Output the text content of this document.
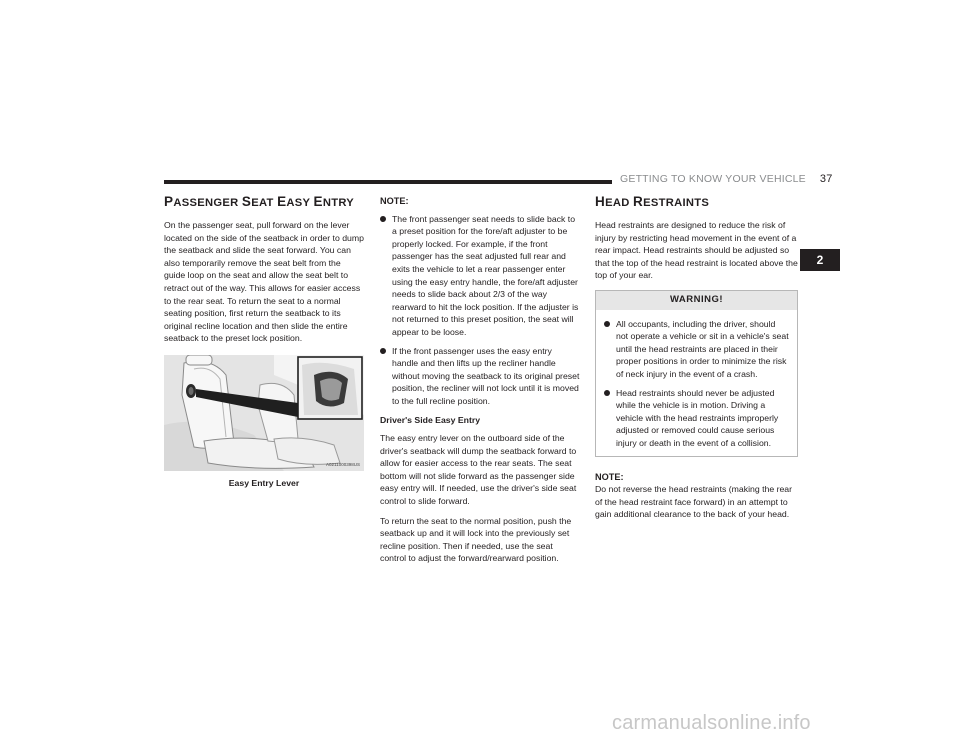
GETTING TO KNOW YOUR VEHICLE 37
2
PASSENGER SEAT EASY ENTRY

On the passenger seat, pull forward on the lever located on the side of the seatback in order to dump the seatback and slide the seat forward. You can also temporarily remove the seat belt from the guide loop on the seat and allow the seat belt to retract out of the way. This allows for easier access to the rear seat. To return the seat to a normal seating position, first return the seatback to its original recline location and then slide the entire seatback to the preset lock position.

A0211000398US
Easy Entry Lever
NOTE:
The front passenger seat needs to slide back to a preset position for the fore/aft adjuster to be properly locked. For example, if the front passenger has the seat adjusted full rear and exits the vehicle to let a rear passenger enter using the easy entry handle, the fore/aft adjuster needs to slide back about 2/3 of the way rearward to hit the lock position. If the adjuster is not returned to this preset position, the seat will appear to be loose.
If the front passenger uses the easy entry handle and then lifts up the recliner handle without moving the seatback to its original preset position, the recliner will not lock until it is moved to the full recline position.
Driver's Side Easy Entry

The easy entry lever on the outboard side of the driver's seatback will dump the seatback forward to allow for easier access to the rear seats. The seat bottom will not slide forward as the passenger side easy entry will. If needed, use the driver's side seat control to slide forward.

To return the seat to the normal position, push the seatback up and it will lock into the previously set recline position. Then if needed, use the seat control to adjust the forward/rearward position.

HEAD RESTRAINTS

Head restraints are designed to reduce the risk of injury by restricting head movement in the event of a rear impact. Head restraints should be adjusted so that the top of the head restraint is located above the top of your ear.

WARNING!
All occupants, including the driver, should not operate a vehicle or sit in a vehicle's seat until the head restraints are placed in their proper positions in order to minimize the risk of neck injury in the event of a crash.
Head restraints should never be adjusted while the vehicle is in motion. Driving a vehicle with the head restraints improperly adjusted or removed could cause serious injury or death in the event of a collision.
NOTE:

Do not reverse the head restraints (making the rear of the head restraint face forward) in an attempt to gain additional clearance to the back of your head.

carmanualsonline.info
